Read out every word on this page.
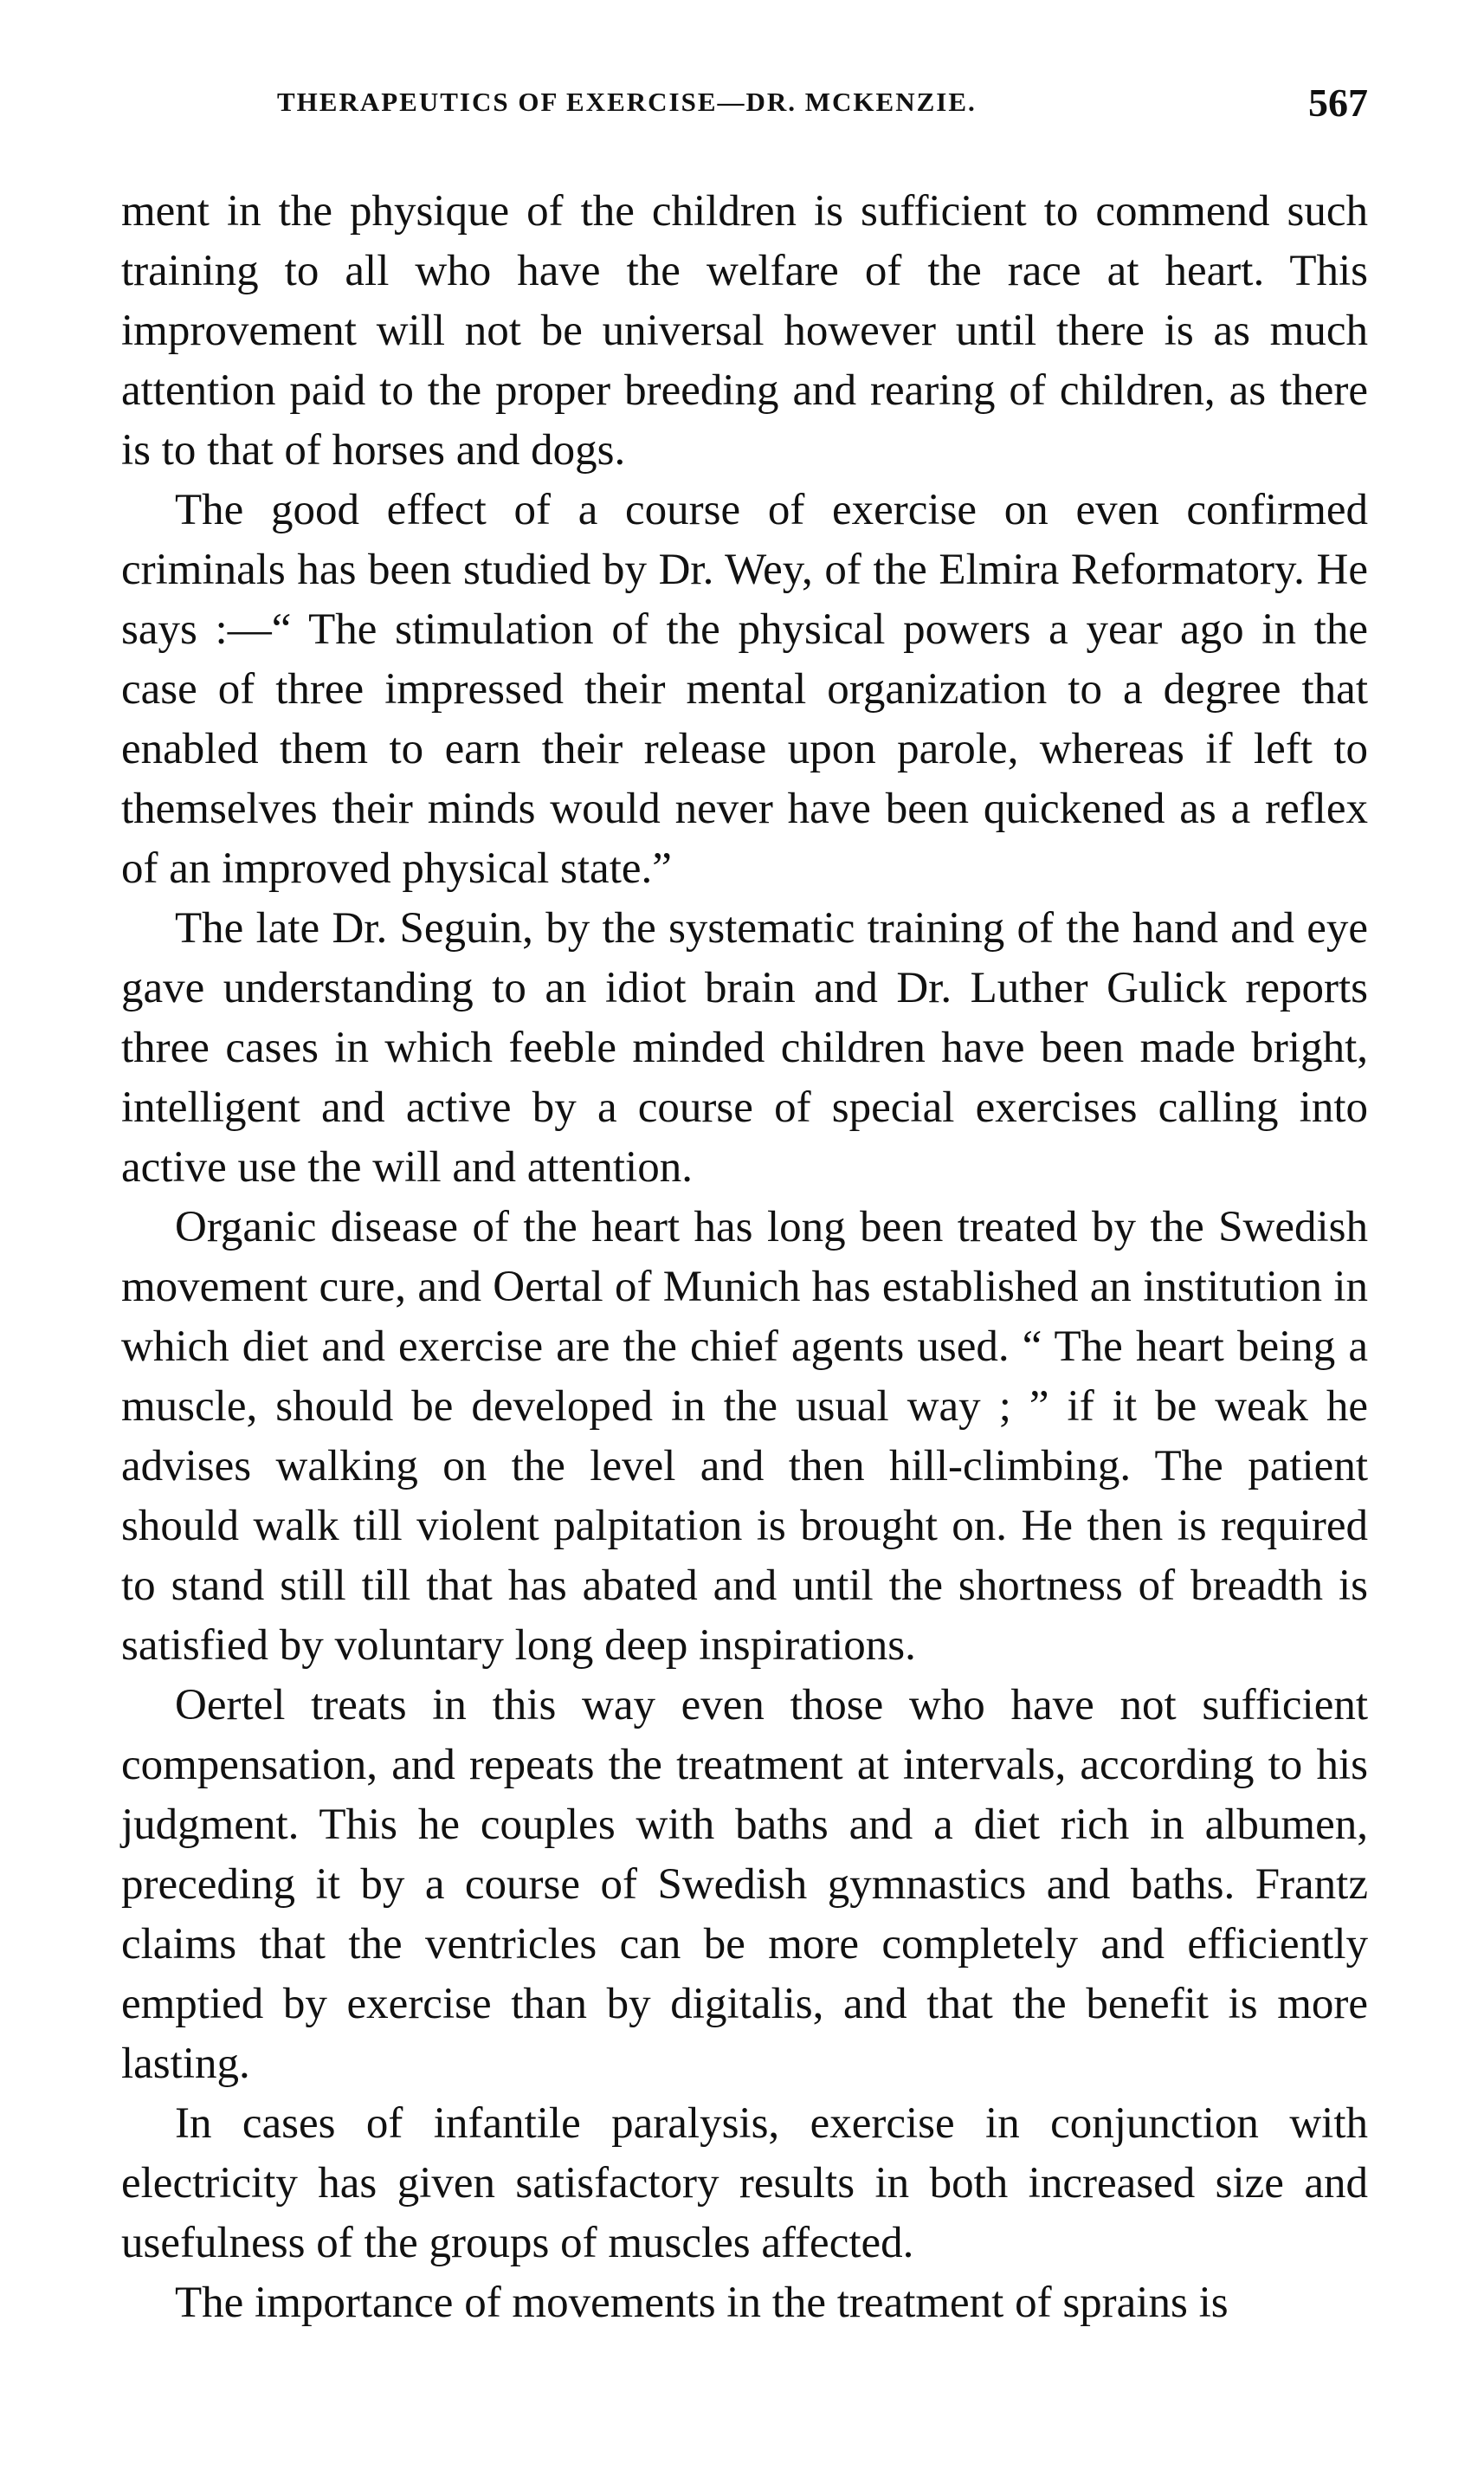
THERAPEUTICS OF EXERCISE—DR. MCKENZIE.	567

ment in the physique of the children is sufficient to commend such training to all who have the welfare of the race at heart. This improvement will not be universal however until there is as much attention paid to the proper breeding and rearing of children, as there is to that of horses and dogs.

The good effect of a course of exercise on even confirmed criminals has been studied by Dr. Wey, of the Elmira Reformatory. He says :—“ The stimulation of the physical powers a year ago in the case of three impressed their mental organization to a degree that enabled them to earn their release upon parole, whereas if left to themselves their minds would never have been quickened as a reflex of an improved physical state.”

The late Dr. Seguin, by the systematic training of the hand and eye gave understanding to an idiot brain and Dr. Luther Gulick reports three cases in which feeble minded children have been made bright, intelligent and active by a course of special exercises calling into active use the will and attention.

Organic disease of the heart has long been treated by the Swedish movement cure, and Oertal of Munich has established an institution in which diet and exercise are the chief agents used. “ The heart being a muscle, should be developed in the usual way ; ” if it be weak he advises walking on the level and then hill-climbing. The patient should walk till violent palpitation is brought on. He then is required to stand still till that has abated and until the shortness of breadth is satisfied by voluntary long deep inspirations.

Oertel treats in this way even those who have not sufficient compensation, and repeats the treatment at intervals, according to his judgment. This he couples with baths and a diet rich in albumen, preceding it by a course of Swedish gymnastics and baths. Frantz claims that the ventricles can be more completely and efficiently emptied by exercise than by digitalis, and that the benefit is more lasting.

In cases of infantile paralysis, exercise in conjunction with electricity has given satisfactory results in both increased size and usefulness of the groups of muscles affected.

The importance of movements in the treatment of sprains is
